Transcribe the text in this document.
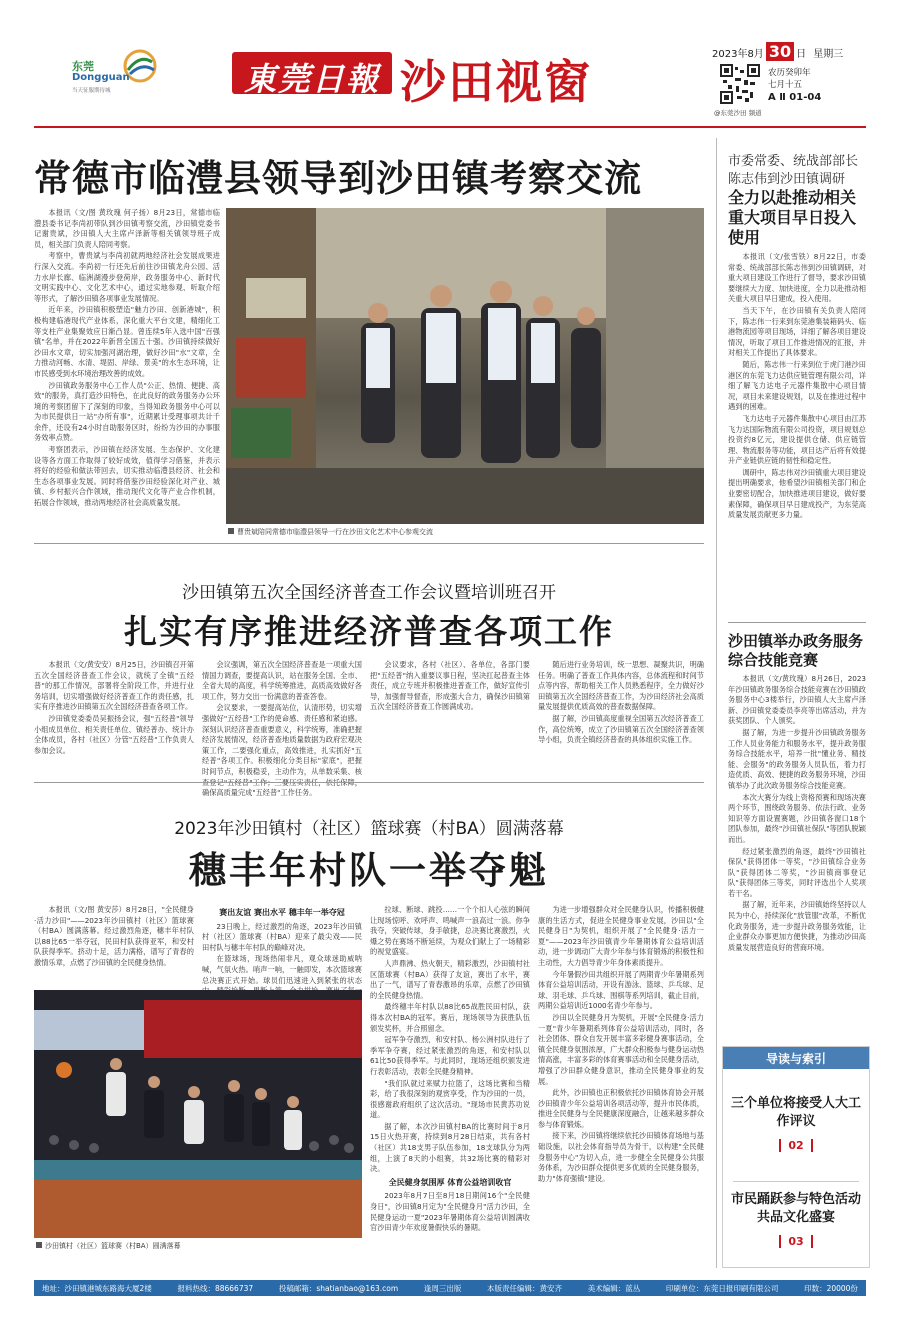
东莞
Dongguan
当天征服期待城	東莞日報 沙田视窗
2023年8月 30 日 星期三
农历癸卯年
七月十五
A Ⅱ 01-04
@东莞沙田 频道
常德市临澧县领导到沙田镇考察交流

本报讯（文/图 黄玫瑰 何子扬）8月23日，常德市临澧县委书记李尚初带队到沙田镇考察交流，沙田镇党委书记谢贵斌，沙田镇人大主席卢泽新等相关镇领导班子成员，相关部门负责人陪同考察。

考察中，曹贵斌与李尚初就两地经济社会发展成果进行深入交流。李尚初一行还先后前往沙田镇龙舟公园、活力水岸长廊、临洲湖漫步登荷岸，政务服务中心、新时代文明实践中心、文化艺术中心，通过实地参观、听取介绍等形式，了解沙田镇各项事业发展情况。

近年来，沙田镇积极塑造"魅力沙田、创新港城"，积极构建临港现代产业体系，深化重大平台文建，精细化工等支柱产业集聚效应日渐凸显。曾连续5年入选中国"百强镇"名单，并在2022年新晋全国五十强。沙田镇持续做好沙田水文章，切实加强河湖治理，做好沙田"水"文章，全力推动河畅、水清、堤固、岸绿、景美"的水生态环境，让市民感受到水环境治理改善的成效。

沙田镇政务服务中心工作人员"公正、热情、便捷、高效"的服务，真打造沙田特色，在此良好的政务服务办公环境的考察团留下了深刻的印象，当得知政务服务中心可以为市民提供日一站"办所有事"，近期累计受理事项共计千余件，还设有24小时自助服务区时，纷纷为沙田的办事服务效率点赞。

考察团表示，沙田镇在经济发展、生态保护、文化建设等各方面工作取得了较好成效，值得学习借鉴，并表示将好的经验和做法带回去，切实推动临澧县经济、社会和生态各项事业发展。同时将借鉴沙田经验深化对产业、城镇、乡村振兴合作领域，推动现代文化等产业合作机制，拓展合作领域，推动两地经济社会高质量发展。

曹贵斌陪同常德市临澧县领导一行在沙田文化艺术中心参观交流
沙田镇第五次全国经济普查工作会议暨培训班召开
扎实有序推进经济普查各项工作

本报讯（文/黄安安）8月25日，沙田镇召开第五次全国经济普查工作会议，就统了全镇"五经普"的那工作情况，部署将全阶段工作，并进行业务培训，切实增强做好经济普查工作的责任感，扎实有序推进沙田镇第五次全国经济普查各项工作。

沙田镇党委委员吴振扬会议，强"五经普"领导小组成员单位、相关责任单位、镇经普办、统计办全体成员，各村（社区）分管"五经普"工作负责人参加会议。

会议强调，第五次全国经济普查是一项重大国情国力调查，要提高认识，站在服务全国、全市、全省大局的高度，科学统筹推进，高质高效做好各项工作，努力交出一份满意的普查答卷。

会议要求，一要提高站位，认清形势，切实增强做好"五经普"工作的使命感、责任感和紧迫感。深刻认识经济普查重要意义，科学统筹，准确把握经济发展情况，经济普查地质量数据为政府宏观决策工作，二要强化重点，高效推进，扎实抓好"五经普"各项工作。积极细化分类目标"家底"，把握时间节点，积极稳妥，主动作为，从单数采集、核查登记"五经普"工作；三要压实责任，依托保障，确保高质量完成"五经普"工作任务。

会议要求，各村（社区）、各单位，各部门要把"五经普"纳入重要议事日程，坚决扛起普查主体责任，成立专班并积极推进普查工作，做好宣传引导，加强督导督查，形成强大合力，确保沙田镇第五次全国经济普查工作圆满成功。

随后进行业务培训，统一思想、凝聚共识，明确任务。明确了普查工作具体内容，总体流程和时间节点等内容，帮助相关工作人员熟悉程序，全力做好沙田镇第五次全国经济普查工作，为沙田经济社会高质量发展提供优质高效的普查数据保障。

据了解，沙田镇高度重视全国第五次经济普查工作，高位统筹，成立了沙田镇第五次全国经济普查领导小组，负责全镇经济普查的具体组织实施工作。

2023年沙田镇村（社区）篮球赛（村BA）圆满落幕
穗丰年村队一举夺魁

本报讯（文/图 黄安莎）8月28日，"全民健身·活力沙田"——2023年沙田镇村（社区）篮球赛（村BA）圆满落幕。经过激烈角逐，穗丰年村队以88比65一举夺冠，民田村队获得亚军，和安村队获得季军。挤动十足，活力满格，谱写了青春的激情乐章，点燃了沙田镇的全民健身热情。

赛出友谊 赛出水平 穗丰年一举夺冠

23日晚上，经过激烈的角逐，2023年沙田镇村（社区）篮球赛（村BA）迎来了最尖戏——民田村队与穗丰年村队的巅峰对决。

在篮球场，现场热闹非凡，观众球迷助威呐喊，气氛火热。哨声一响，一触即发，本次篮球赛总决赛正式开始。球员们迅速进入到紧张的状态

沙田镇村（社区）篮球赛（村BA）圆满落幕

拉球、断球、跳投……一个个扣人心弦的瞬间让现场惊呼、欢呼声、鸣喊声一浪高过一浪。你争我夺，突破传球，身手敏捷，总决赛比赛激烈，火爆之势在赛场不断延续，为观众们献上了一场精彩的视觉盛宴。

人声鼎沸、热火朝天，精彩激烈，沙田镇村社区篮球赛（村BA）获得了友谊，赛出了水平，赛出了一气，谱写了青春激昂的乐章，点燃了沙田镇的全民健身热情。

最终穗丰年村队以88比65战胜民田村队，获得本次村BA的冠军。赛后，现场领导为获胜队伍颁发奖杯，并合照留念。

冠军争夺激烈，和安村队、杨公洲村队进行了季军争夺赛，经过紧张激烈的角逐，和安村队以61比50获得季军。与此同时，现场还组织颁发进行表彰活动，表彰全民健身精神。

"我们队就过来赋力拉篮了，这场比赛和当精彩，给了我很深刻的观赏享受，作为沙田的一员，很感谢政府组织了这次活动。"现场市民黄苏功说道。

据了解，本次沙田镇村BA的比赛时间于8月15日火热开赛，持续到8月28日结束，共有各村（社区）共18支男子队伍参加，18支球队分为两组，上演了8天的小组赛，共32场比赛的精彩对决。

全民健身氛围厚 体育公益培训收官

2023年8月7日至8月18日期间16个"全民健身日"，沙田镇8月定为"全民健身月"活力沙田，全民健身运动一夏"2023年暑期体育公益培训圆满收官沙田青少年欢度暑假快乐的暑期。

为进一步增强群众对全民健身认识，传播积极健康的生活方式，促进全民健身事业发展，沙田以"全民健身日"为契机，组织开展了"全民健身·活力一夏"——2023年沙田镇青少年暑期体育公益培训活动，进一步调动广大青少年参与体育锻炼的积极性和主动性，大力倡导青少年身体素质提升。

今年暑假沙田共组织开展了两期青少年暑期系列体育公益培训活动，开设有游泳、篮球、乒乓球、足球、羽毛球、乒乓球、围棋等系列培训，截止目前，两期公益培训近1000名青少年参与。

沙田以全民健身月为契机，开展"全民健身·活力一夏"青少年暑期系列体育公益培训活动，同时，各社会团体、群众自发开展丰富多彩健身赛事活动，全镇全民健身氛围浓厚，广大群众积极参与健身运动热情高涨，丰富多彩的体育赛事活动和全民健身活动，增强了沙田群众健身意识，推动全民健身事业的发展。

此外，沙田镇也正积极依托沙田镇体育协会开展沙田镇青少年公益培训各项活动等，提升市民体质，推进全民健身与全民健康深度融合，让越来越多群众参与体育锻炼。

接下来，沙田镇将继续依托沙田镇体育场地与基础设施，以社会体育指导员为骨干，以构建"全民健身服务中心"为切入点，进一步健全全民健身公共服务体系，为沙田群众提供更多优质的全民健身服务，助力"体育强镇"建设。

市委常委、统战部部长
陈志伟到沙田镇调研
全力以赴推动相关重大项目早日投入使用

本报讯（文/张雪铁）8月22日，市委常委、统战部部长陈志伟到沙田镇调研，对重大项目建设工作进行了督导，要求沙田镇要继续大力度、加快进度，全力以赴推动相关重大项目早日建成，投入使用。

当天下午，在沙田镇有关负责人陪同下，陈志伟一行来到东莞港集装箱码头、临港物流园等项目现场，详细了解各项目建设情况，听取了项目工作推进情况的汇报，并对相关工作提出了具体要求。

随后，陈志伟一行来到位于虎门港沙田港区的东莞飞力达供应链管理有限公司，详细了解飞力达电子元器件集散中心项目情况，项目未来建设规划，以及在推进过程中遇到的困难。

飞力达电子元器件集散中心项目由江苏飞力达国际物流有限公司投资，项目规划总投资约8亿元，建设提供仓储、供应链管理、物流服务等功能，项目达产后将有效提升产业链供应链的韧性和稳定性。

调研中，陈志伟对沙田镇重大项目建设提出明确要求，他希望沙田镇相关部门和企业要密切配合，加快推进项目建设，做好要素保障，确保项目早日建成投产，为东莞高质量发展贡献更多力量。

沙田镇举办政务服务综合技能竞赛

本报讯（文/黄玫瑰）8月26日，2023年沙田镇政务服务综合技能竞赛在沙田镇政务服务中心3楼举行，沙田镇人大主席卢泽新、沙田镇党委委员李亮等出席活动，并为获奖团队、个人颁奖。

据了解，为进一步提升沙田镇政务服务工作人员业务能力和服务水平，提升政务服务综合技能水平，培养一批"懂业务、精技能、会服务"的政务服务人员队伍，着力打造优质、高效、便捷的政务服务环境，沙田镇举办了此次政务服务综合技能竞赛。

本次大赛分为线上资格预赛和现场决赛两个环节，围绕政务服务、依法行政、业务知识等方面设置赛题，沙田镇各窗口18个团队参加，最终"沙田镇社保队"等团队脱颖而出。

经过紧张激烈的角逐，最终"沙田镇社保队"获得团体一等奖，"沙田镇综合业务队"获得团体二等奖，"沙田镇商事登记队"获得团体三等奖，同时评选出个人奖项若干名。

据了解，近年来，沙田镇始终坚持以人民为中心，持续深化"放管服"改革，不断优化政务服务，进一步提升政务服务效能，让企业群众办事更加方便快捷，为推动沙田高质量发展营造良好的营商环境。

导读与索引
三个单位将接受人大工作评议
02
市民踊跃参与特色活动共品文化盛宴
03
地址：沙田镇港城东路海大厦2楼	报料热线：88666737	投稿邮箱：shatianbao@163.com	逢周三出版	本版责任编辑：黄安齐	美术编辑：蓝丛	印刷单位：东莞日报印刷有限公司	印数：20000份
